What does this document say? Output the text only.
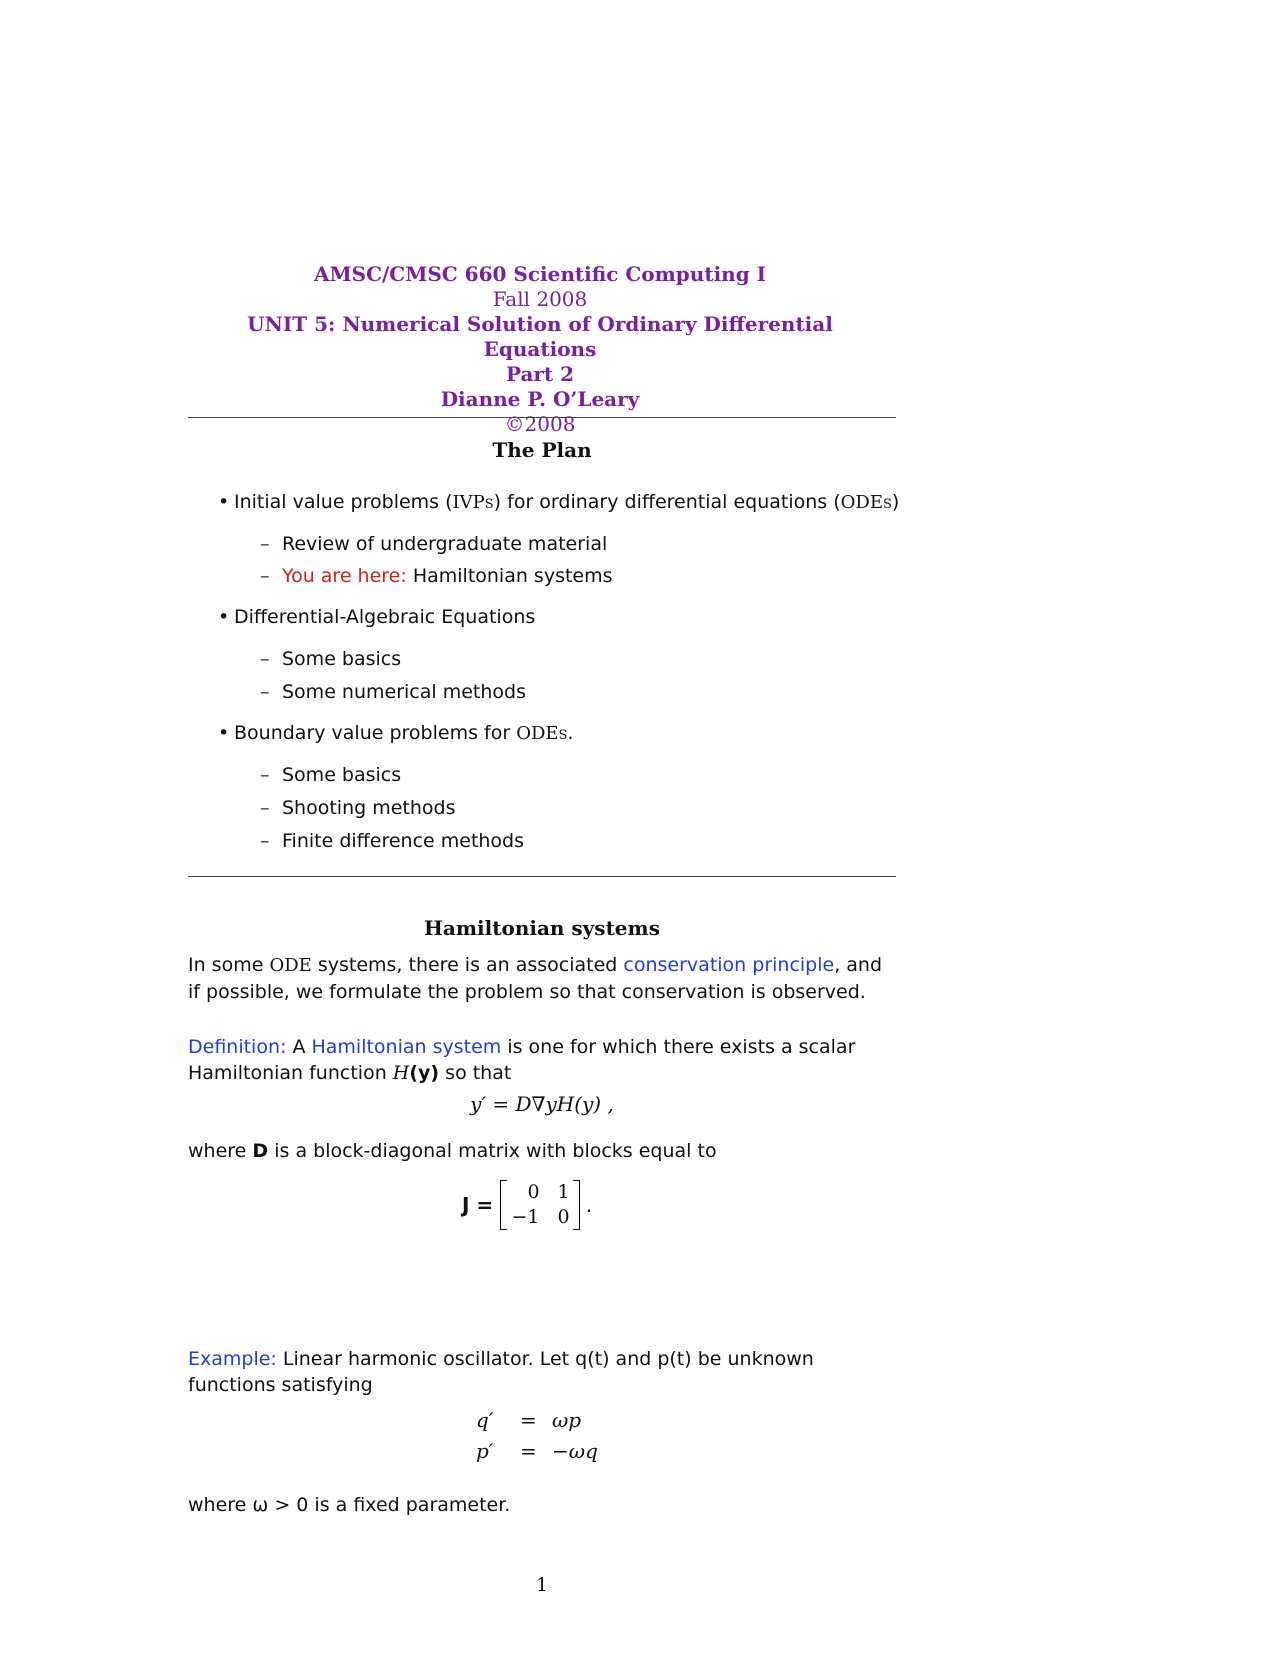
AMSC/CMSC 660 Scientific Computing I
Fall 2008
UNIT 5: Numerical Solution of Ordinary Differential Equations
Part 2
Dianne P. O’Leary
©2008
The Plan
• Initial value problems (IVPs) for ordinary differential equations (ODEs)
– Review of undergraduate material
– You are here: Hamiltonian systems
• Differential-Algebraic Equations
– Some basics
– Some numerical methods
• Boundary value problems for ODEs.
– Some basics
– Shooting methods
– Finite difference methods
Hamiltonian systems
In some ODE systems, there is an associated conservation principle, and if possible, we formulate the problem so that conservation is observed.
Definition: A Hamiltonian system is one for which there exists a scalar Hamiltonian function H(y) so that
y′ = D∇yH(y) ,
where D is a block-diagonal matrix with blocks equal to
J =
0 1
−1 0 .
Example: Linear harmonic oscillator. Let q(t) and p(t) be unknown functions satisfying
q′ = ωp
p′ = −ωq
where ω > 0 is a fixed parameter.
1
